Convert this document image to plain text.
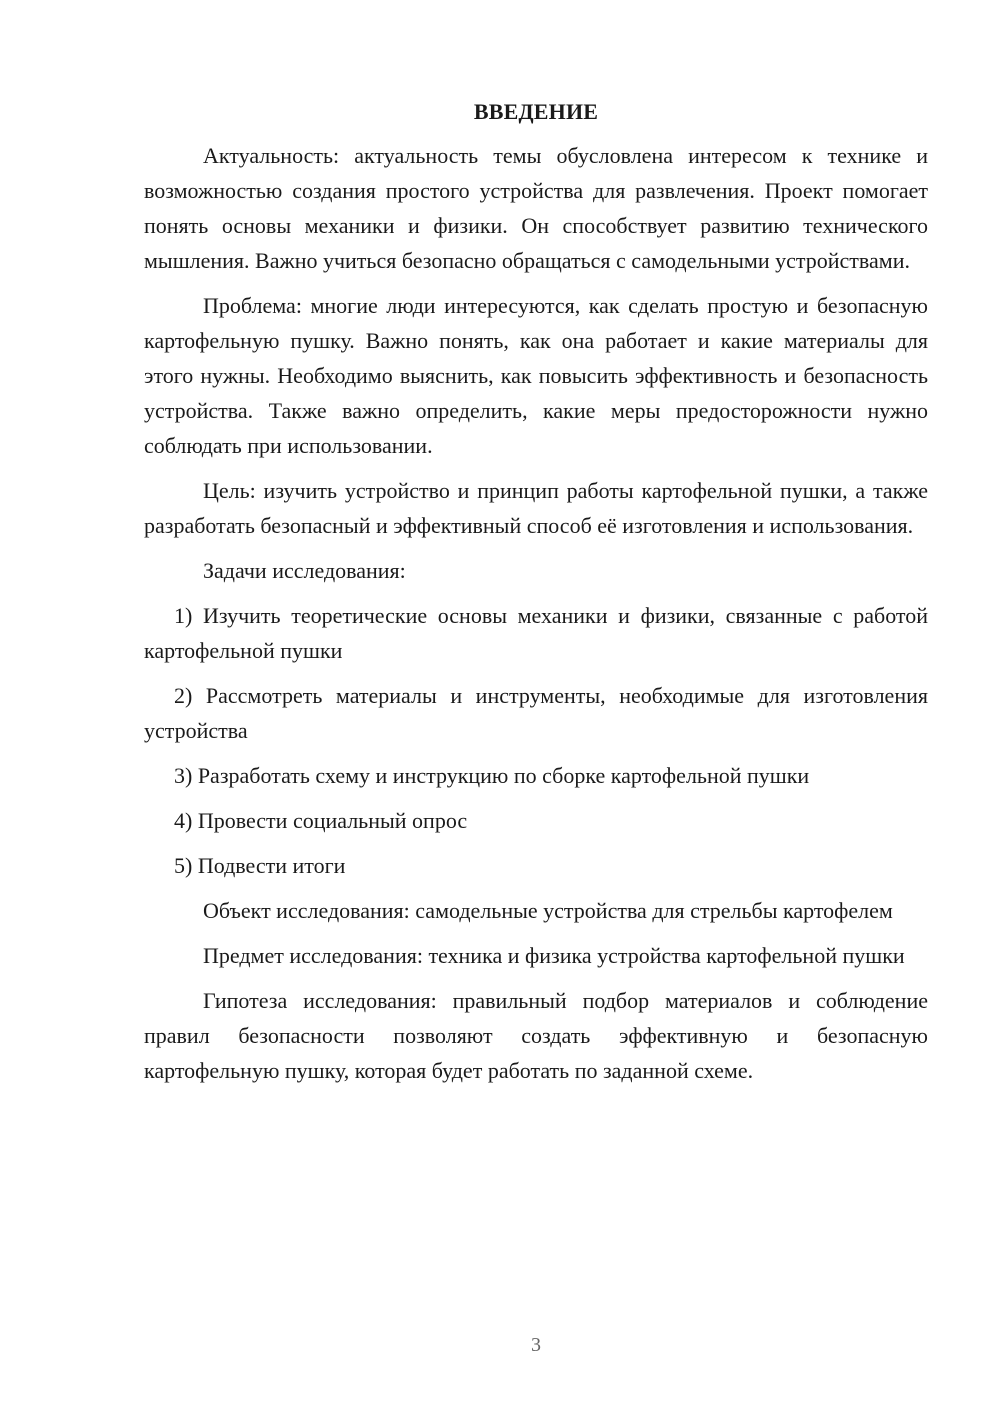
ВВЕДЕНИЕ

Актуальность: актуальность темы обусловлена интересом к технике и возможностью создания простого устройства для развлечения. Проект помогает понять основы механики и физики. Он способствует развитию технического мышления. Важно учиться безопасно обращаться с самодельными устройствами.

Проблема: многие люди интересуются, как сделать простую и безопасную картофельную пушку. Важно понять, как она работает и какие материалы для этого нужны. Необходимо выяснить, как повысить эффективность и безопасность устройства. Также важно определить, какие меры предосторожности нужно соблюдать при использовании.

Цель: изучить устройство и принцип работы картофельной пушки, а также разработать безопасный и эффективный способ её изготовления и использования.

Задачи исследования:

1) Изучить теоретические основы механики и физики, связанные с работой картофельной пушки

2) Рассмотреть материалы и инструменты, необходимые для изготовления устройства

3) Разработать схему и инструкцию по сборке картофельной пушки

4) Провести социальный опрос

5) Подвести итоги

Объект исследования: самодельные устройства для стрельбы картофелем

Предмет исследования: техника и физика устройства картофельной пушки

Гипотеза исследования: правильный подбор материалов и соблюдение правил безопасности позволяют создать эффективную и безопасную картофельную пушку, которая будет работать по заданной схеме.

3
